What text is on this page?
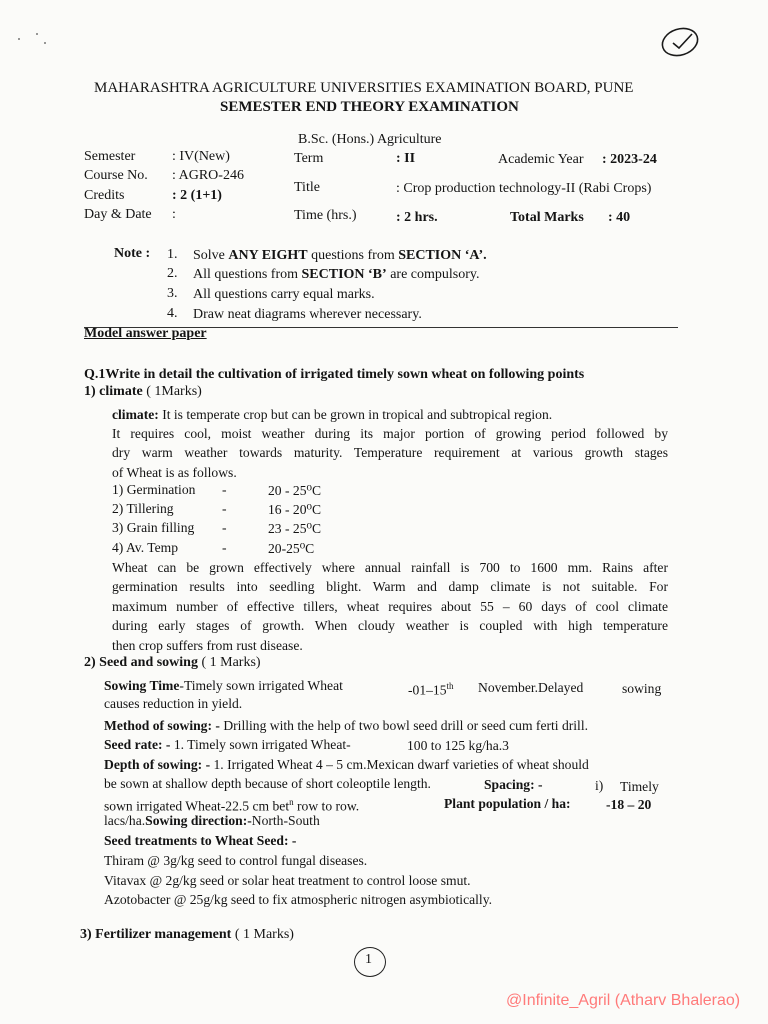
MAHARASHTRA AGRICULTURE UNIVERSITIES EXAMINATION BOARD, PUNE
SEMESTER END THEORY EXAMINATION
B.Sc. (Hons.) Agriculture
Semester	: IV(New)
Course No. : AGRO-246
Credits	: 2 (1+1)
Day & Date :
Term	: II	Academic Year : 2023-24
Title	: Crop production technology-II (Rabi Crops)
Time (hrs.)	: 2 hrs.	Total Marks : 40
Note : 1. Solve ANY EIGHT questions from SECTION ‘A’.
2. All questions from SECTION ‘B’ are compulsory.
3. All questions carry equal marks.
4. Draw neat diagrams wherever necessary.
Model answer paper
Q.1Write in detail the cultivation of irrigated timely sown wheat on following points
1) climate ( 1Marks)
climate: It is temperate crop but can be grown in tropical and subtropical region.
It requires cool, moist weather during its major portion of growing period followed by
dry warm weather towards maturity. Temperature requirement at various growth stages
of Wheat is as follows.
1) Germination -	20 - 25⁰C
2) Tillering	-	16 - 20⁰C
3) Grain filling -	23 - 25⁰C
4) Av. Temp	-	20-25⁰C
Wheat can be grown effectively where annual rainfall is 700 to 1600 mm. Rains after
germination results into seedling blight. Warm and damp climate is not suitable. For
maximum number of effective tillers, wheat requires about 55 – 60 days of cool climate
during early stages of growth. When cloudy weather is coupled with high temperature
then crop suffers from rust disease.
2) Seed and sowing ( 1 Marks)
Sowing Time-Timely sown irrigated Wheat	-01–15th November.Delayed	sowing
causes reduction in yield.
Method of sowing: - Drilling with the help of two bowl seed drill or seed cum ferti drill.
Seed rate: - 1. Timely sown irrigated Wheat-	100 to 125 kg/ha.3
Depth of sowing: - 1. Irrigated Wheat 4 – 5 cm.Mexican dwarf varieties of wheat should
be sown at shallow depth because of short coleoptile length.	Spacing: -	i) Timely
sown irrigated Wheat-22.5 cm bet$^n$ row to row.	Plant population / ha:	-18 – 20
lacs/ha.Sowing direction:-North-South
Seed treatments to Wheat Seed: -
Thiram @ 3g/kg seed to control fungal diseases.
Vitavax @ 2g/kg seed or solar heat treatment to control loose smut.
Azotobacter @ 25g/kg seed to fix atmospheric nitrogen asymbiotically.
3) Fertilizer management ( 1 Marks)
1
@Infinite_Agril (Atharv Bhalerao)
